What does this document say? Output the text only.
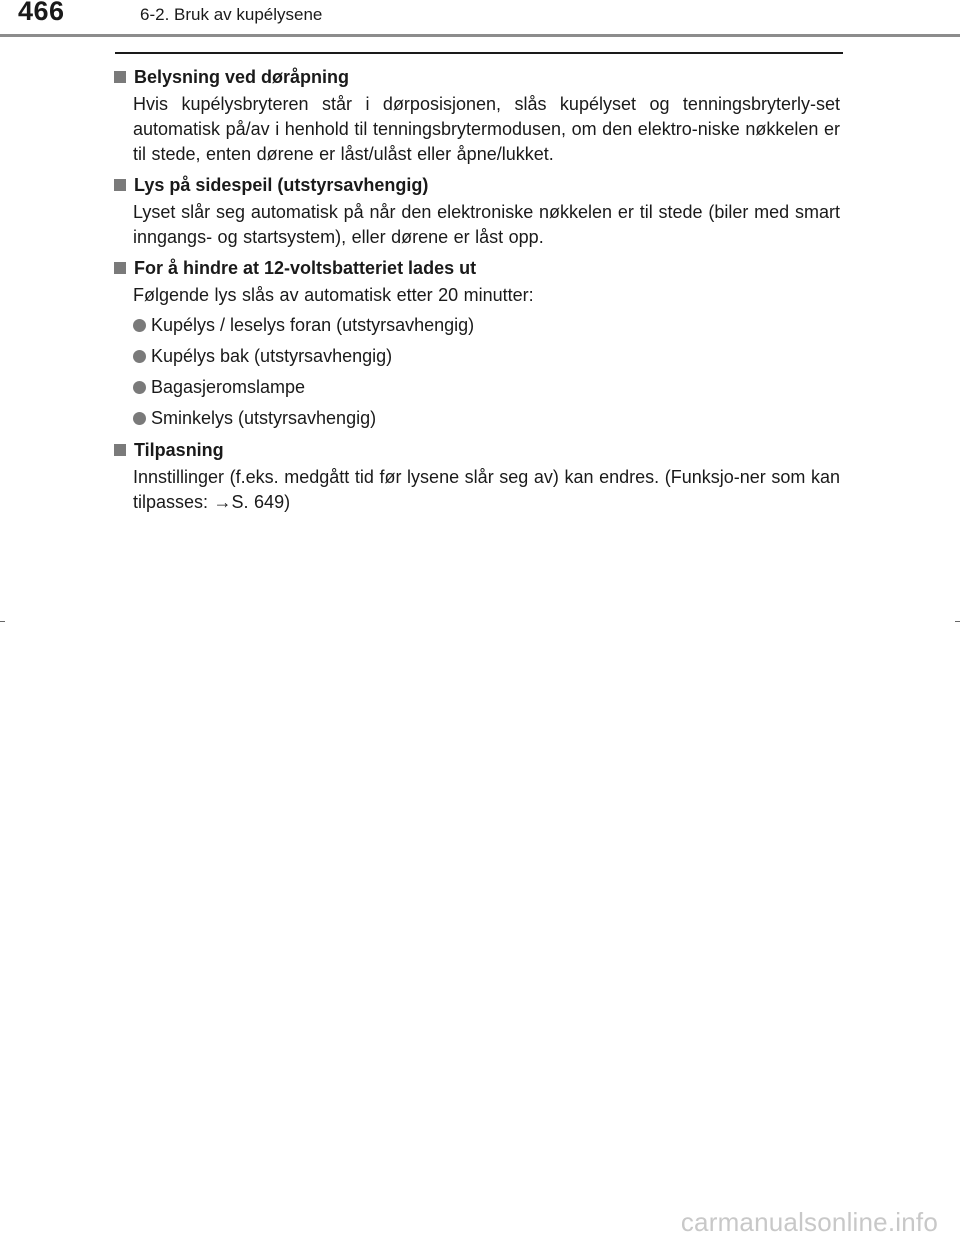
466	6-2. Bruk av kupélysene
Belysning ved døråpning

Hvis kupélysbryteren står i dørposisjonen, slås kupélyset og tenningsbryterly-set automatisk på/av i henhold til tenningsbrytermodusen, om den elektro-niske nøkkelen er til stede, enten dørene er låst/ulåst eller åpne/lukket.

Lys på sidespeil (utstyrsavhengig)

Lyset slår seg automatisk på når den elektroniske nøkkelen er til stede (biler med smart inngangs- og startsystem), eller dørene er låst opp.

For å hindre at 12-voltsbatteriet lades ut

Følgende lys slås av automatisk etter 20 minutter:

Kupélys / leselys foran (utstyrsavhengig)
Kupélys bak (utstyrsavhengig)
Bagasjeromslampe
Sminkelys (utstyrsavhengig)
Tilpasning

Innstillinger (f.eks. medgått tid før lysene slår seg av) kan endres. (Funksjo-ner som kan tilpasses: →S. 649)

carmanualsonline.info
